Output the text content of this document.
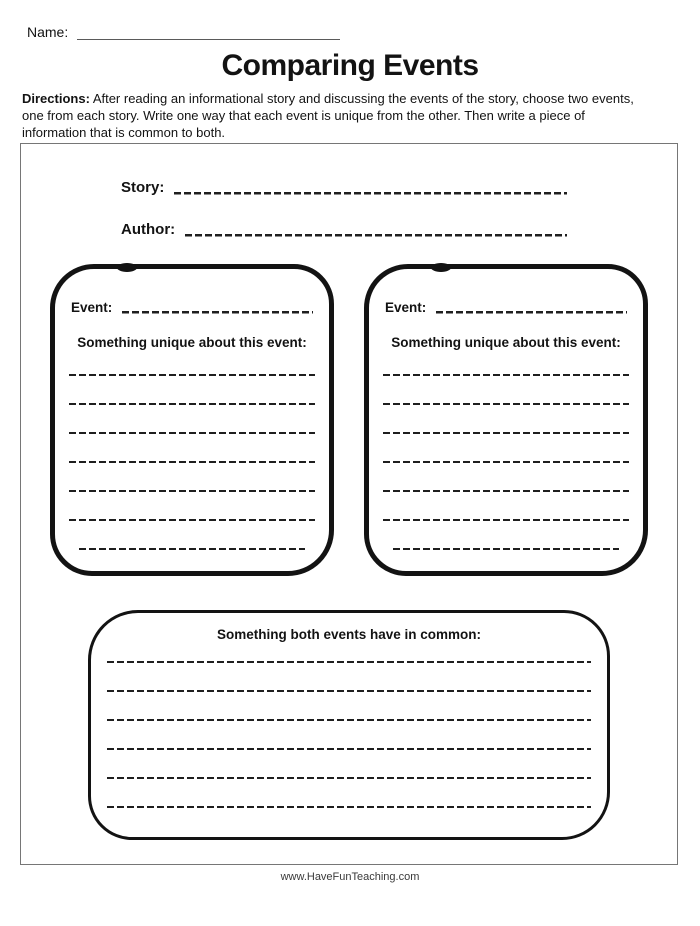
Name:
Comparing Events
Directions: After reading an informational story and discussing the events of the story, choose two events,
one from each story. Write one way that each event is unique from the other. Then write a piece of
information that is common to both.
Story:
Author:
Event:
Something unique about this event:
Event:
Something unique about this event:
Something both events have in common:
www.HaveFunTeaching.com
